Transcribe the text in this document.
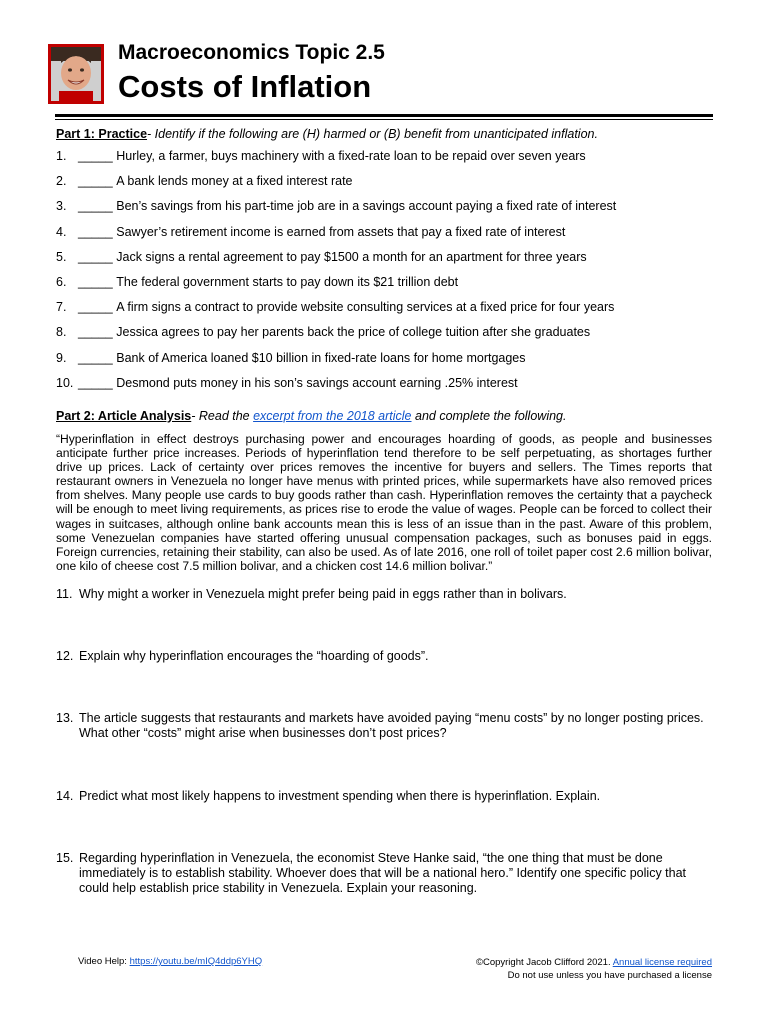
Macroeconomics Topic 2.5
Costs of Inflation
Part 1: Practice- Identify if the following are (H) harmed or (B) benefit from unanticipated inflation.
1. _____
Hurley, a farmer, buys machinery with a fixed-rate loan to be repaid over seven years
2. _____
A bank lends money at a fixed interest rate
3. _____
Ben’s savings from his part-time job are in a savings account paying a fixed rate of interest
4. _____
Sawyer’s retirement income is earned from assets that pay a fixed rate of interest
5. _____
Jack signs a rental agreement to pay $1500 a month for an apartment for three years
6. _____
The federal government starts to pay down its $21 trillion debt
7. _____
A firm signs a contract to provide website consulting services at a fixed price for four years
8. _____
Jessica agrees to pay her parents back the price of college tuition after she graduates
9. _____
Bank of America loaned $10 billion in fixed-rate loans for home mortgages
10. _____
Desmond puts money in his son’s savings account earning .25% interest
Part 2: Article Analysis- Read the excerpt from the 2018 article and complete the following.

“Hyperinflation in effect destroys purchasing power and encourages hoarding of goods, as people and businesses anticipate further price increases. Periods of hyperinflation tend therefore to be self perpetuating, as shortages further drive up prices. Lack of certainty over prices removes the incentive for buyers and sellers. The Times reports that restaurant owners in Venezuela no longer have menus with printed prices, while supermarkets have also removed prices from shelves. Many people use cards to buy goods rather than cash. Hyperinflation removes the certainty that a paycheck will be enough to meet living requirements, as prices rise to erode the value of wages. People can be forced to collect their wages in suitcases, although online bank accounts mean this is less of an issue than in the past. Aware of this problem, some Venezuelan companies have started offering unusual compensation packages, such as bonuses paid in eggs. Foreign currencies, retaining their stability, can also be used. As of late 2016, one roll of toilet paper cost 2.6 million bolivar, one kilo of cheese cost 7.5 million bolivar, and a chicken cost 14.6 million bolivar.”

11. Why might a worker in Venezuela might prefer being paid in eggs rather than in bolivars.
12. Explain why hyperinflation encourages the “hoarding of goods”.
13. The article suggests that restaurants and markets have avoided paying “menu costs” by no longer posting prices. What other “costs” might arise when businesses don’t post prices?
14. Predict what most likely happens to investment spending when there is hyperinflation. Explain.
15. Regarding hyperinflation in Venezuela, the economist Steve Hanke said, “the one thing that must be done immediately is to establish stability. Whoever does that will be a national hero.” Identify one specific policy that could help establish price stability in Venezuela. Explain your reasoning.
Video Help: https://youtu.be/mIQ4ddp6YHQ	©Copyright Jacob Clifford 2021. Annual license required
Do not use unless you have purchased a license
